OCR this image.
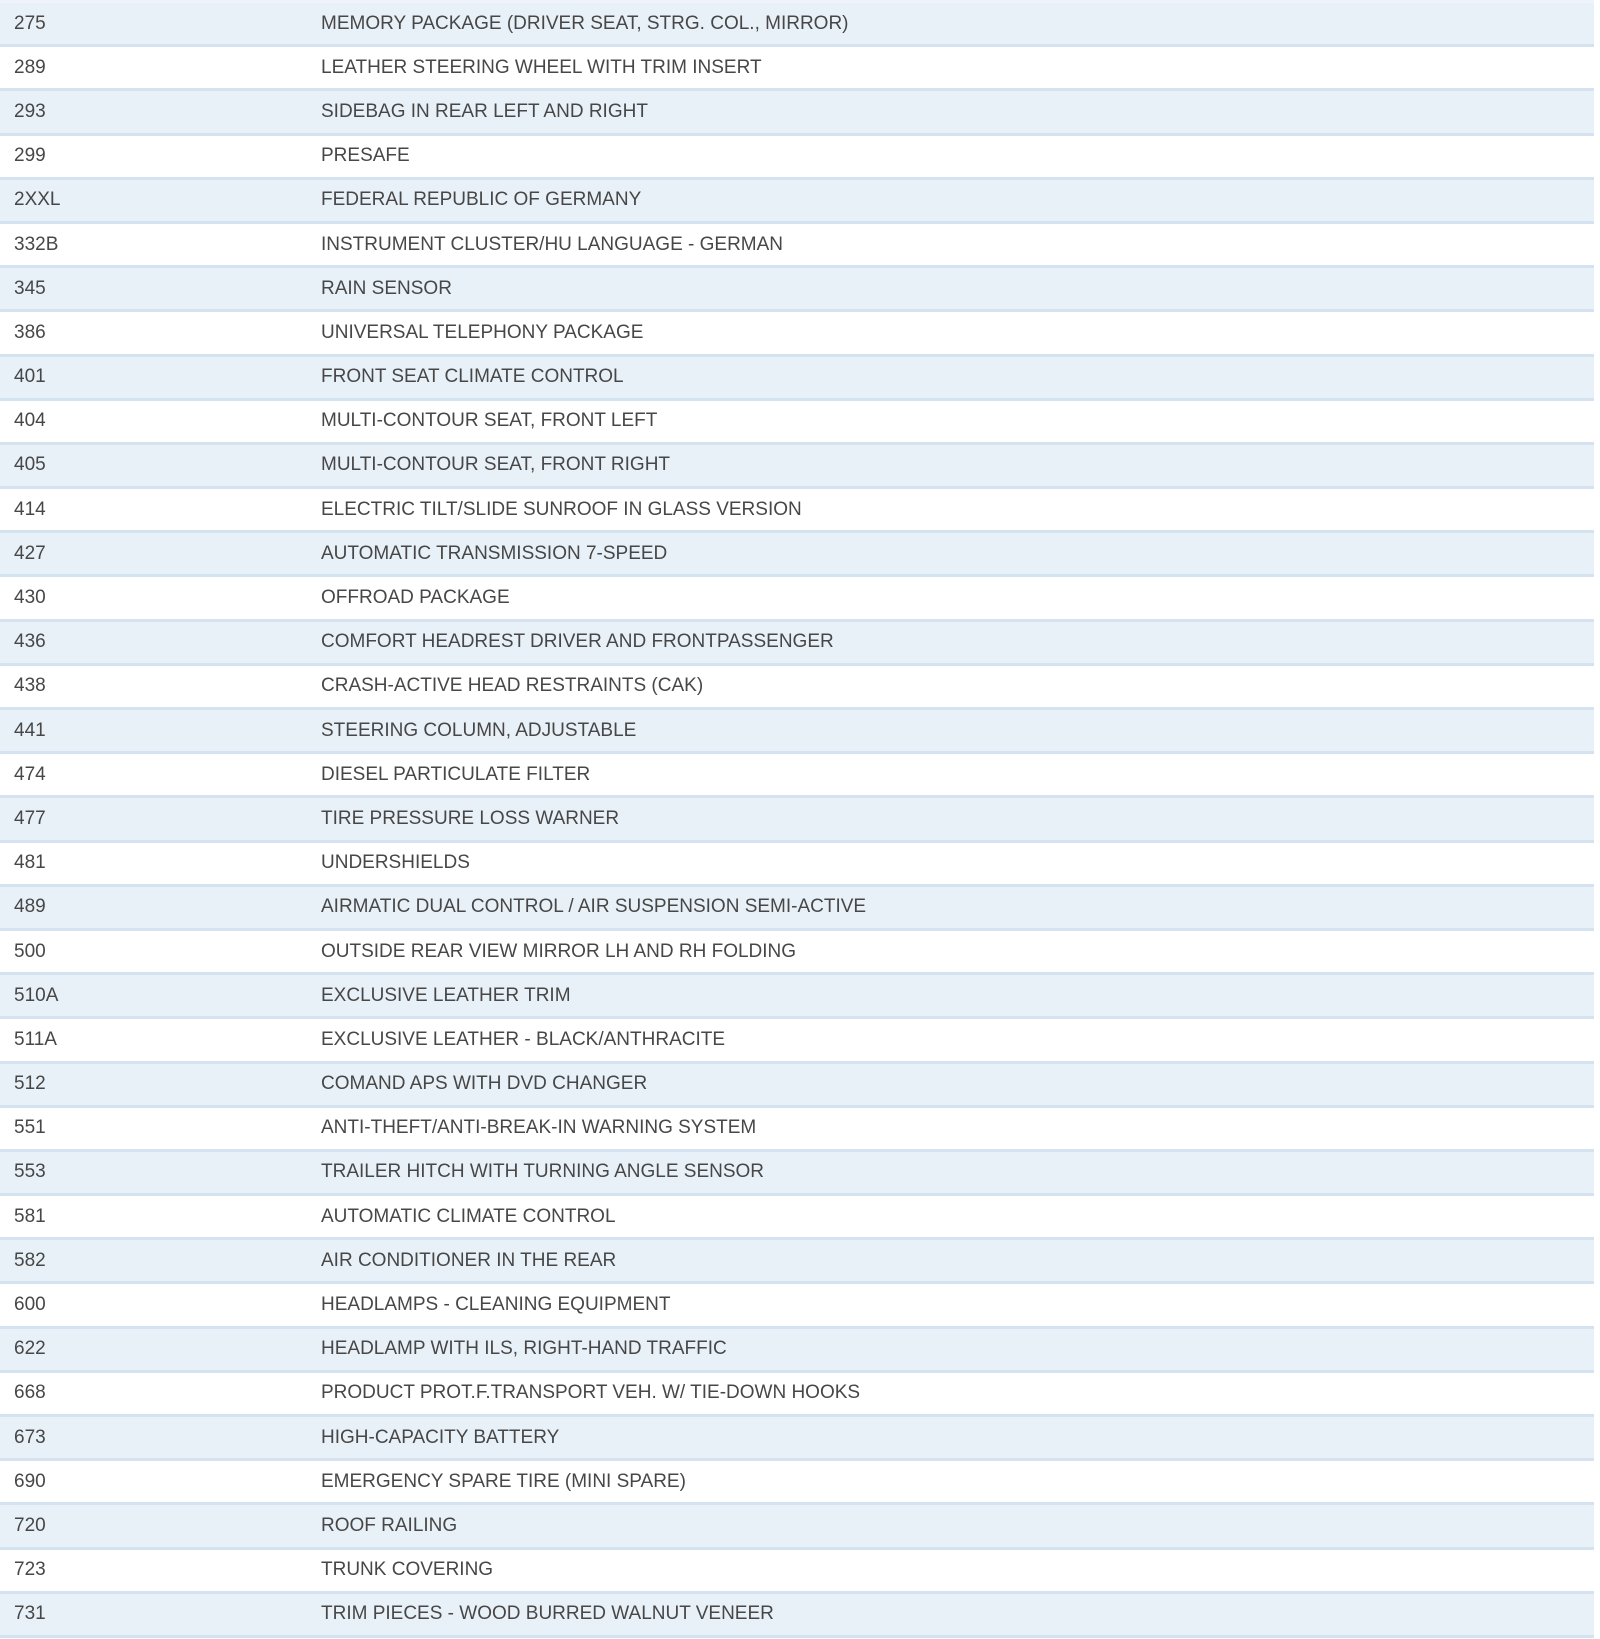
275	MEMORY PACKAGE (DRIVER SEAT, STRG. COL., MIRROR)
289	LEATHER STEERING WHEEL WITH TRIM INSERT
293	SIDEBAG IN REAR LEFT AND RIGHT
299	PRESAFE
2XXL	FEDERAL REPUBLIC OF GERMANY
332B	INSTRUMENT CLUSTER/HU LANGUAGE - GERMAN
345	RAIN SENSOR
386	UNIVERSAL TELEPHONY PACKAGE
401	FRONT SEAT CLIMATE CONTROL
404	MULTI-CONTOUR SEAT, FRONT LEFT
405	MULTI-CONTOUR SEAT, FRONT RIGHT
414	ELECTRIC TILT/SLIDE SUNROOF IN GLASS VERSION
427	AUTOMATIC TRANSMISSION 7-SPEED
430	OFFROAD PACKAGE
436	COMFORT HEADREST DRIVER AND FRONTPASSENGER
438	CRASH-ACTIVE HEAD RESTRAINTS (CAK)
441	STEERING COLUMN, ADJUSTABLE
474	DIESEL PARTICULATE FILTER
477	TIRE PRESSURE LOSS WARNER
481	UNDERSHIELDS
489	AIRMATIC DUAL CONTROL / AIR SUSPENSION SEMI-ACTIVE
500	OUTSIDE REAR VIEW MIRROR LH AND RH FOLDING
510A	EXCLUSIVE LEATHER TRIM
511A	EXCLUSIVE LEATHER - BLACK/ANTHRACITE
512	COMAND APS WITH DVD CHANGER
551	ANTI-THEFT/ANTI-BREAK-IN WARNING SYSTEM
553	TRAILER HITCH WITH TURNING ANGLE SENSOR
581	AUTOMATIC CLIMATE CONTROL
582	AIR CONDITIONER IN THE REAR
600	HEADLAMPS - CLEANING EQUIPMENT
622	HEADLAMP WITH ILS, RIGHT-HAND TRAFFIC
668	PRODUCT PROT.F.TRANSPORT VEH. W/ TIE-DOWN HOOKS
673	HIGH-CAPACITY BATTERY
690	EMERGENCY SPARE TIRE (MINI SPARE)
720	ROOF RAILING
723	TRUNK COVERING
731	TRIM PIECES - WOOD BURRED WALNUT VENEER
